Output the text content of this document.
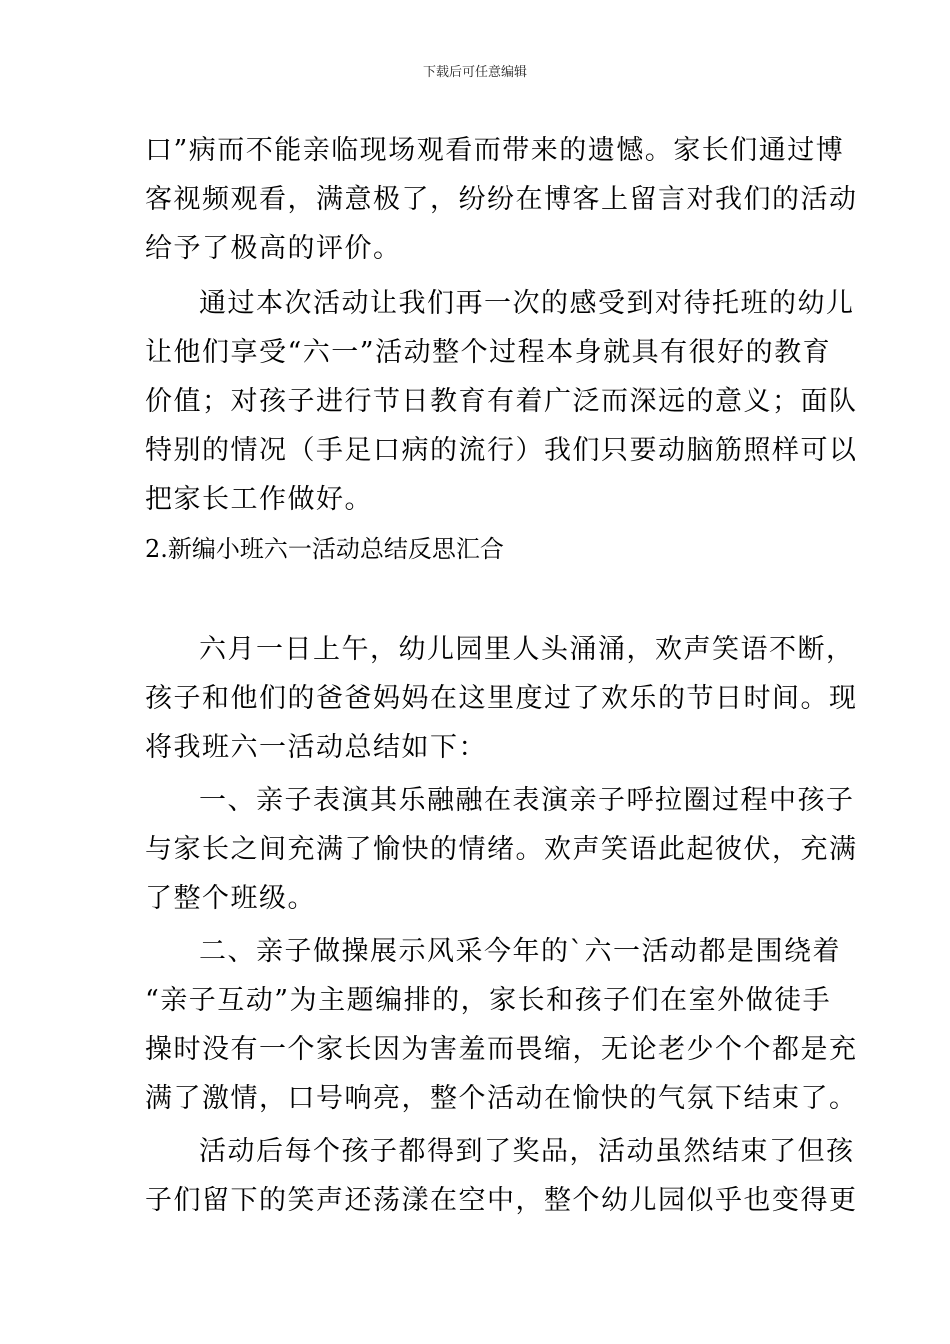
下载后可任意编辑
口”病而不能亲临现场观看而带来的遗憾。家长们通过博
客视频观看，满意极了，纷纷在博客上留言对我们的活动
给予了极高的评价。
通过本次活动让我们再一次的感受到对待托班的幼儿
让他们享受“六一”活动整个过程本身就具有很好的教育
价值；对孩子进行节日教育有着广泛而深远的意义；面队
特别的情况（手足口病的流行）我们只要动脑筋照样可以
把家长工作做好。
2.新编小班六一活动总结反思汇合
六月一日上午，幼儿园里人头涌涌，欢声笑语不断，
孩子和他们的爸爸妈妈在这里度过了欢乐的节日时间。现
将我班六一活动总结如下：
一、亲子表演其乐融融在表演亲子呼拉圈过程中孩子
与家长之间充满了愉快的情绪。欢声笑语此起彼伏，充满
了整个班级。
二、亲子做操展示风采今年的`六一活动都是围绕着
“亲子互动”为主题编排的，家长和孩子们在室外做徒手
操时没有一个家长因为害羞而畏缩，无论老少个个都是充
满了激情，口号响亮，整个活动在愉快的气氛下结束了。
活动后每个孩子都得到了奖品，活动虽然结束了但孩
子们留下的笑声还荡漾在空中，整个幼儿园似乎也变得更
